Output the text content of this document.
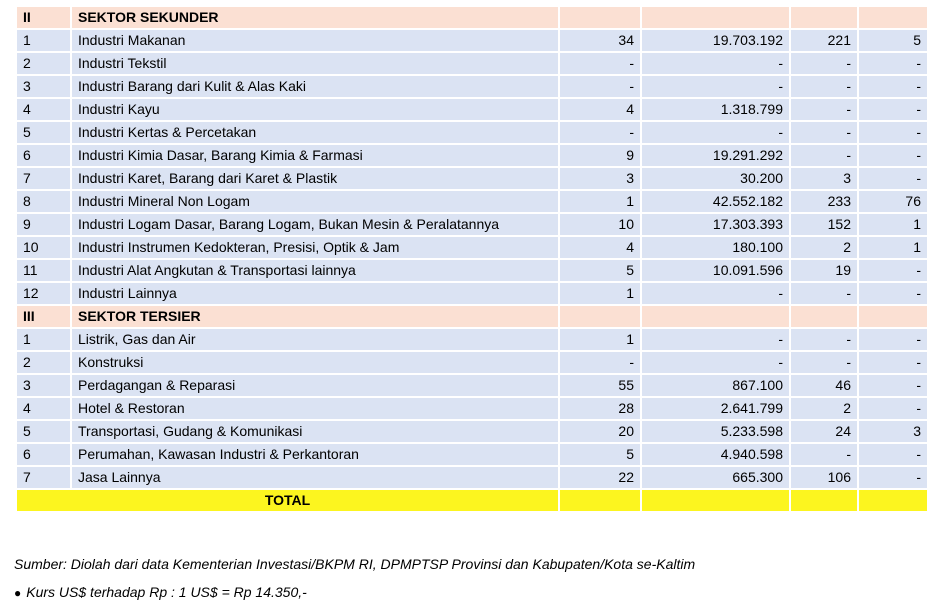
II	SEKTOR SEKUNDER				
1	Industri Makanan	34	19.703.192	221	5
2	Industri Tekstil	-	-	-	-
3	Industri Barang dari Kulit & Alas Kaki	-	-	-	-
4	Industri Kayu	4	1.318.799	-	-
5	Industri Kertas & Percetakan	-	-	-	-
6	Industri Kimia Dasar, Barang Kimia & Farmasi	9	19.291.292	-	-
7	Industri Karet, Barang dari Karet & Plastik	3	30.200	3	-
8	Industri Mineral Non Logam	1	42.552.182	233	76
9	Industri Logam Dasar, Barang Logam, Bukan Mesin & Peralatannya	10	17.303.393	152	1
10	Industri Instrumen Kedokteran, Presisi, Optik & Jam	4	180.100	2	1
11	Industri Alat Angkutan & Transportasi lainnya	5	10.091.596	19	-
12	Industri Lainnya	1	-	-	-
III	SEKTOR TERSIER				
1	Listrik, Gas dan Air	1	-	-	-
2	Konstruksi	-	-	-	-
3	Perdagangan & Reparasi	55	867.100	46	-
4	Hotel & Restoran	28	2.641.799	2	-
5	Transportasi, Gudang & Komunikasi	20	5.233.598	24	3
6	Perumahan, Kawasan Industri & Perkantoran	5	4.940.598	-	-
7	Jasa Lainnya	22	665.300	106	-
TOTAL					
Sumber: Diolah dari data Kementerian Investasi/BKPM RI, DPMPTSP Provinsi dan Kabupaten/Kota se-Kaltim
● Kurs US$ terhadap Rp : 1 US$ = Rp 14.350,-
